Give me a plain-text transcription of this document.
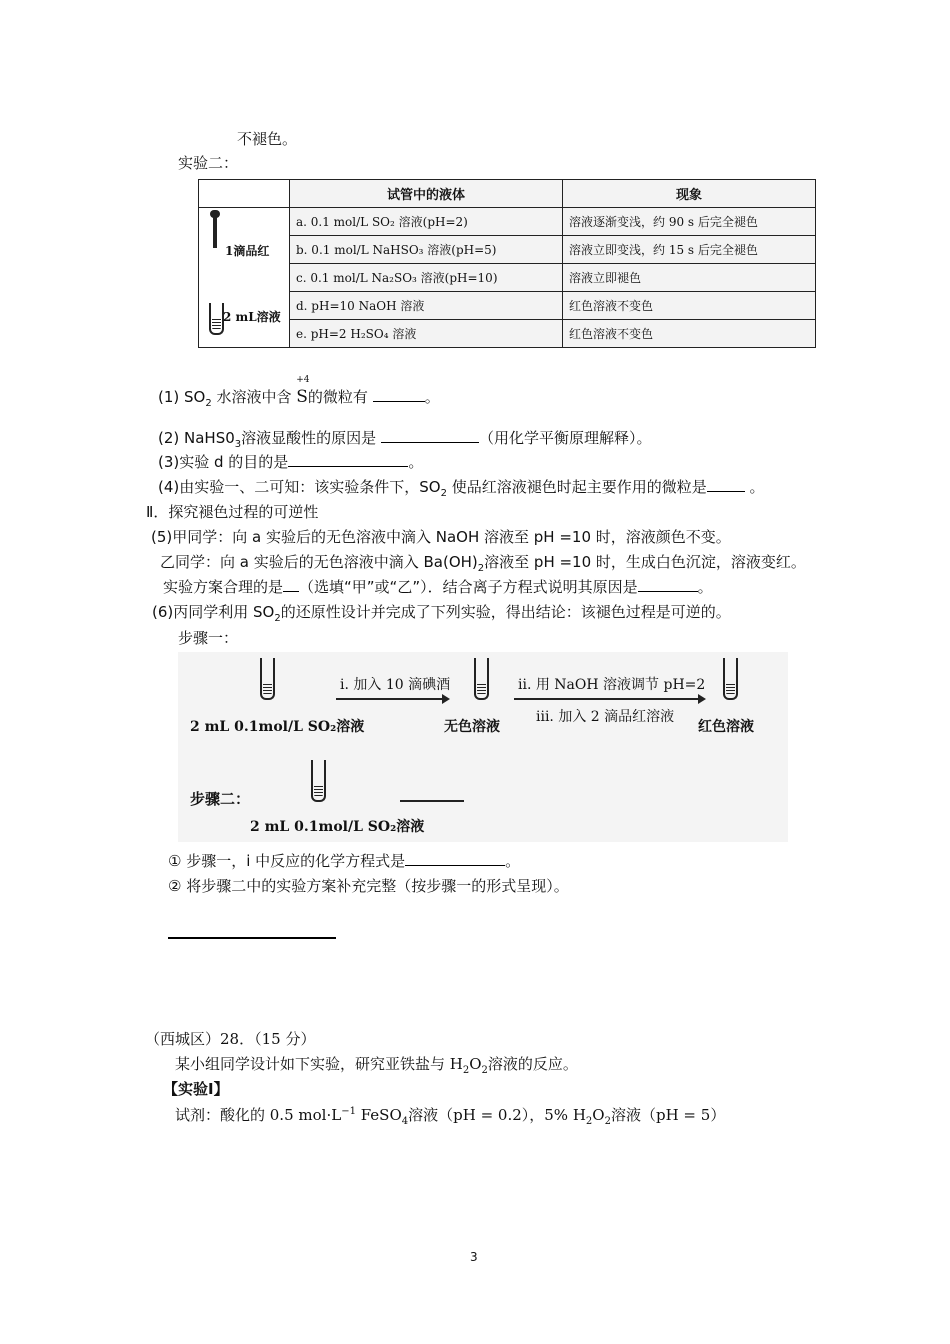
不褪色。
实验二：
	试管中的液体	现象

1滴品红
2 mL溶液	a. 0.1 mol/L SO₂ 溶液(pH=2)	溶液逐渐变浅，约 90 s 后完全褪色
	b. 0.1 mol/L NaHSO₃ 溶液(pH=5)	溶液立即变浅，约 15 s 后完全褪色
	c. 0.1 mol/L Na₂SO₃ 溶液(pH=10)	溶液立即褪色
	d. pH=10 NaOH 溶液	红色溶液不变色
	e. pH=2 H₂SO₄ 溶液	红色溶液不变色
(1) $SO_2$ 水溶液中含
+4
S的微粒有	。
(2) $NaHS0_3$溶液显酸性的原因是	（用化学平衡原理解释）。
(3)实验 d 的目的是	。
(4)由实验一、二可知：该实验条件下，$SO_2$ 使品红溶液褪色时起主要作用的微粒是	。
Ⅱ．探究褪色过程的可逆性
(5)甲同学：向 a 实验后的无色溶液中滴入 NaOH 溶液至 pH =10 时，溶液颜色不变。
乙同学：向 a 实验后的无色溶液中滴入 $Ba(OH)_2$溶液至 pH =10 时，生成白色沉淀，溶液变红。
实验方案合理的是 （选填“甲”或“乙”）．结合离子方程式说明其原因是	。
(6)丙同学利用 $SO_2$的还原性设计并完成了下列实验，得出结论：该褪色过程是可逆的。
步骤一：
2 mL 0.1mol/L SO₂溶液
i. 加入 10 滴碘酒
无色溶液
ii. 用 NaOH 溶液调节 pH=2
iii. 加入 2 滴品红溶液
红色溶液
步骤二：
2 mL 0.1mol/L SO₂溶液
① 步骤一，i 中反应的化学方程式是	。
② 将步骤二中的实验方案补充完整（按步骤一的形式呈现）。
（西城区）28．（15 分）
某小组同学设计如下实验，研究亚铁盐与 $H_2O_2$溶液的反应。
【实验Ⅰ】
试剂：酸化的 0.5 $mol\cdot L^{-1}$ FeSO$_4$溶液（pH = 0.2），5% $H_2O_2$溶液（pH = 5）
3
